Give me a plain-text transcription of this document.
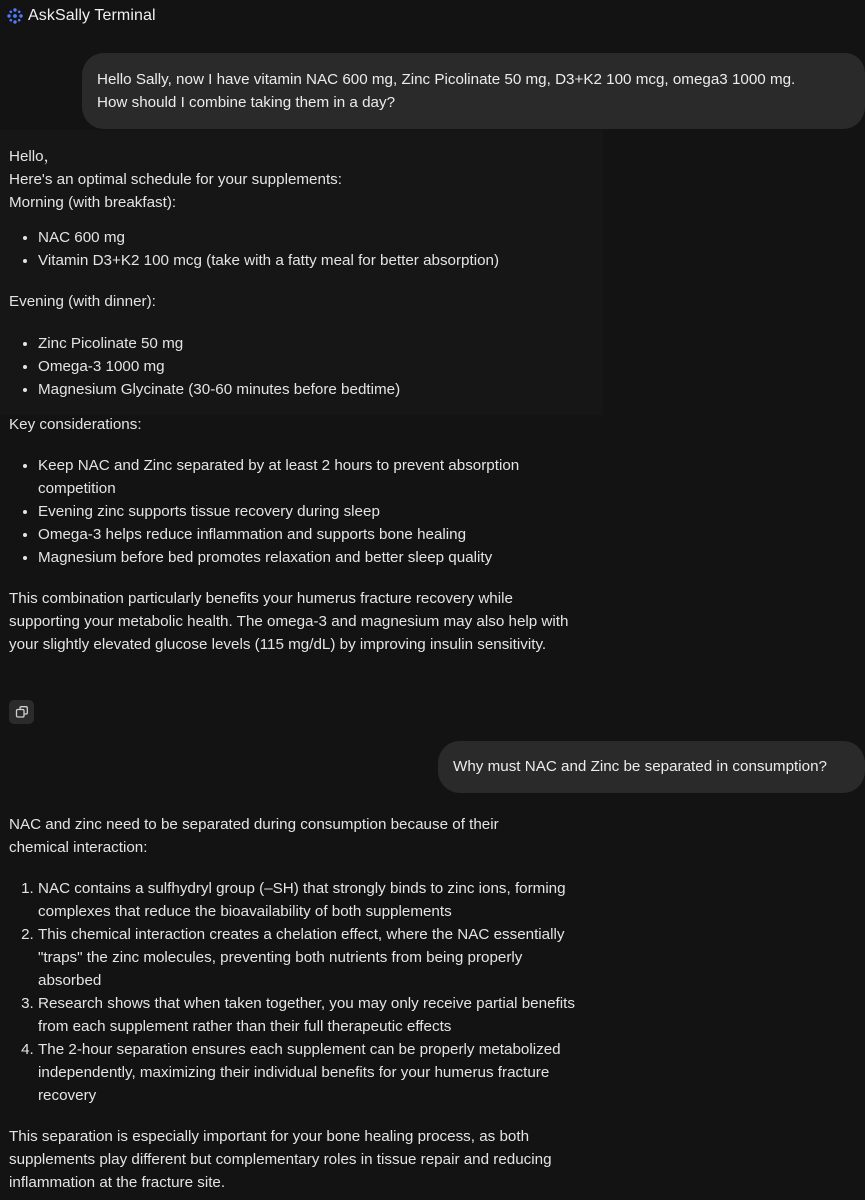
AskSally Terminal
Hello Sally, now I have vitamin NAC 600 mg, Zinc Picolinate 50 mg, D3+K2 100 mcg, omega3 1000 mg.
How should I combine taking them in a day?

Hello，

Here's an optimal schedule for your supplements:

Morning (with breakfast):

• NAC 600 mg
• Vitamin D3+K2 100 mcg (take with a fatty meal for better absorption)

Evening (with dinner):

• Zinc Picolinate 50 mg
• Omega-3 1000 mg
• Magnesium Glycinate (30-60 minutes before bedtime)

Key considerations:

• Keep NAC and Zinc separated by at least 2 hours to prevent absorption competition
• Evening zinc supports tissue recovery during sleep
• Omega-3 helps reduce inflammation and supports bone healing
• Magnesium before bed promotes relaxation and better sleep quality

This combination particularly benefits your humerus fracture recovery while supporting your metabolic health. The omega-3 and magnesium may also help with your slightly elevated glucose levels (115 mg/dL) by improving insulin sensitivity.

Why must NAC and Zinc be separated in consumption?

NAC and zinc need to be separated during consumption because of their chemical interaction:

1. NAC contains a sulfhydryl group (–SH) that strongly binds to zinc ions, forming complexes that reduce the bioavailability of both supplements
2. This chemical interaction creates a chelation effect, where the NAC essentially "traps" the zinc molecules, preventing both nutrients from being properly absorbed
3. Research shows that when taken together, you may only receive partial benefits from each supplement rather than their full therapeutic effects
4. The 2-hour separation ensures each supplement can be properly metabolized independently, maximizing their individual benefits for your humerus fracture recovery

This separation is especially important for your bone healing process, as both supplements play different but complementary roles in tissue repair and reducing inflammation at the fracture site.
